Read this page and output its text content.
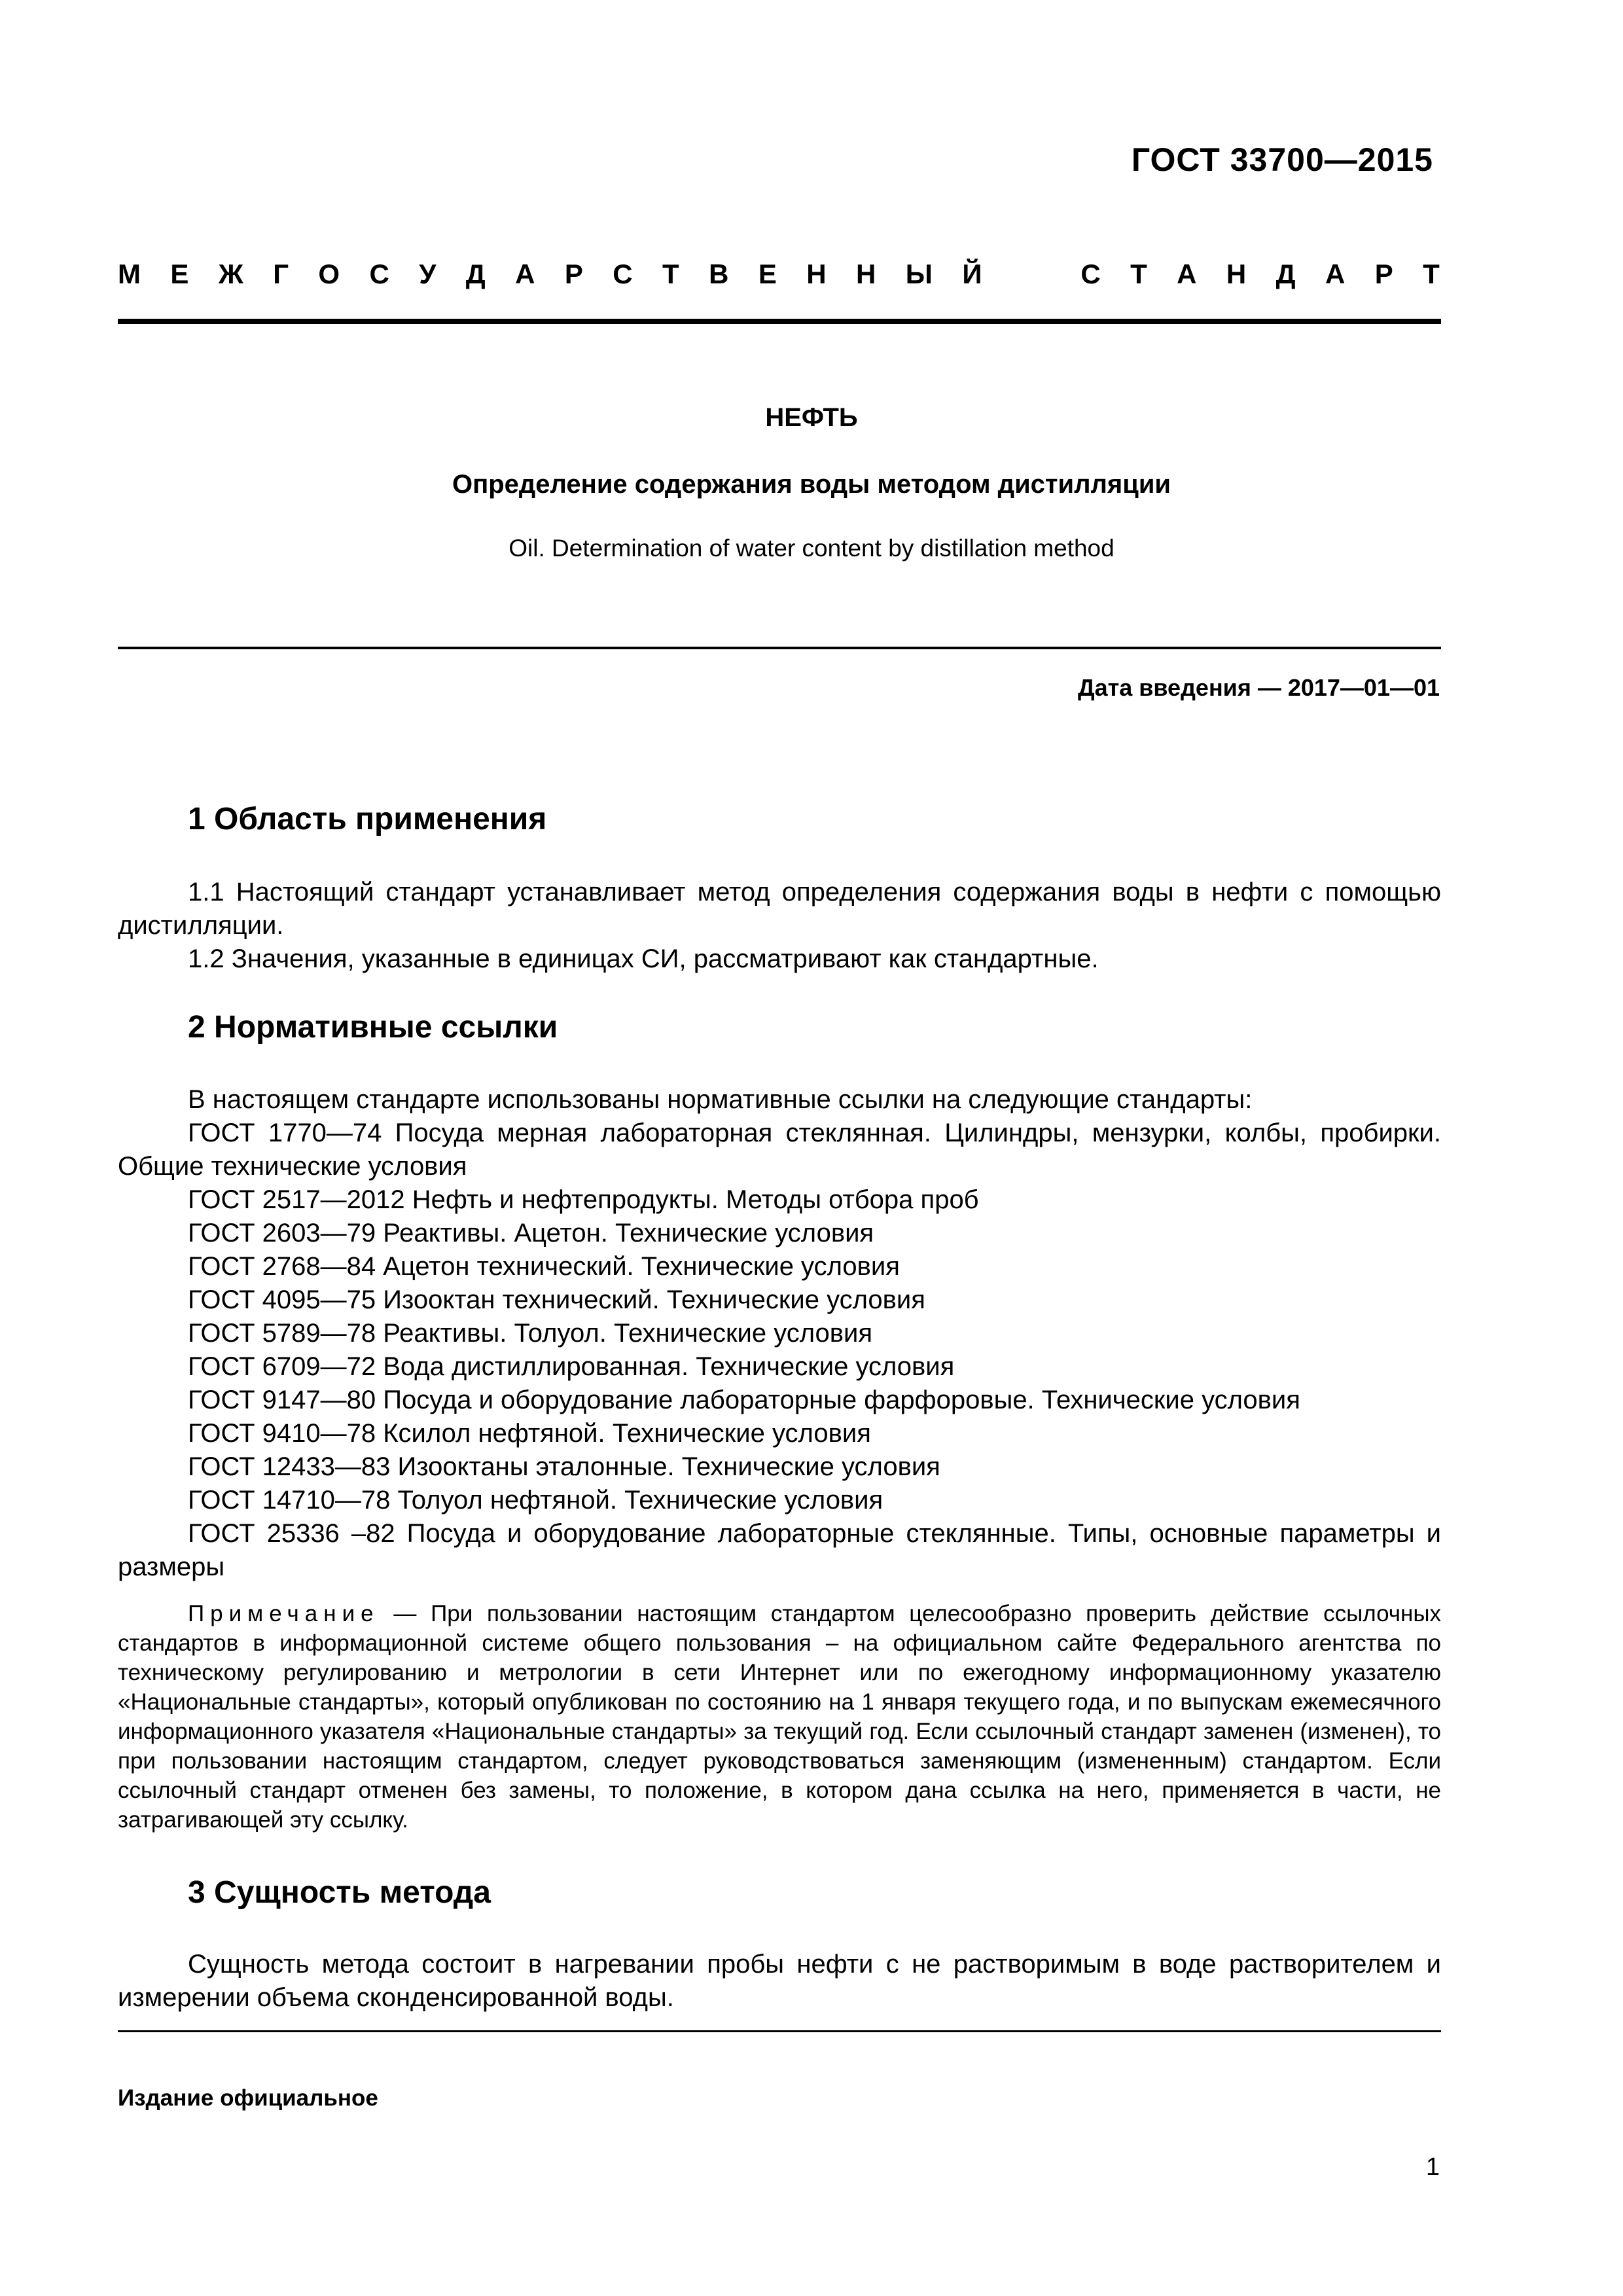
ГОСТ 33700—2015
М Е Ж Г О С У Д А Р С Т В Е Н Н Ы Й	С Т А Н Д А Р Т
НЕФТЬ
Определение содержания воды методом дистилляции
Oil. Determination of water content by distillation method
Дата введения — 2017—01—01
1 Область применения

1.1 Настоящий стандарт устанавливает метод определения содержания воды в нефти с помощью дистилляции.

1.2 Значения, указанные в единицах СИ, рассматривают как стандартные.

2 Нормативные ссылки

В настоящем стандарте использованы нормативные ссылки на следующие стандарты:

ГОСТ 1770—74 Посуда мерная лабораторная стеклянная. Цилиндры, мензурки, колбы, пробирки. Общие технические условия

ГОСТ 2517—2012 Нефть и нефтепродукты. Методы отбора проб

ГОСТ 2603—79 Реактивы. Ацетон. Технические условия

ГОСТ 2768—84 Ацетон технический. Технические условия

ГОСТ 4095—75 Изооктан технический. Технические условия

ГОСТ 5789—78 Реактивы. Толуол. Технические условия

ГОСТ 6709—72 Вода дистиллированная. Технические условия

ГОСТ 9147—80 Посуда и оборудование лабораторные фарфоровые. Технические условия

ГОСТ 9410—78 Ксилол нефтяной. Технические условия

ГОСТ 12433—83 Изооктаны эталонные. Технические условия

ГОСТ 14710—78 Толуол нефтяной. Технические условия

ГОСТ 25336 –82 Посуда и оборудование лабораторные стеклянные. Типы, основные параметры и размеры

Примечание — При пользовании настоящим стандартом целесообразно проверить действие ссылочных стандартов в информационной системе общего пользования – на официальном сайте Федерального агентства по техническому регулированию и метрологии в сети Интернет или по ежегодному информационному указателю «Национальные стандарты», который опубликован по состоянию на 1 января текущего года, и по выпускам ежемесячного информационного указателя «Национальные стандарты» за текущий год. Если ссылочный стандарт заменен (изменен), то при пользовании настоящим стандартом, следует руководствоваться заменяющим (измененным) стандартом. Если ссылочный стандарт отменен без замены, то положение, в котором дана ссылка на него, применяется в части, не затрагивающей эту ссылку.
3 Сущность метода

Сущность метода состоит в нагревании пробы нефти с не растворимым в воде растворителем и измерении объема сконденсированной воды.

Издание официальное
1
